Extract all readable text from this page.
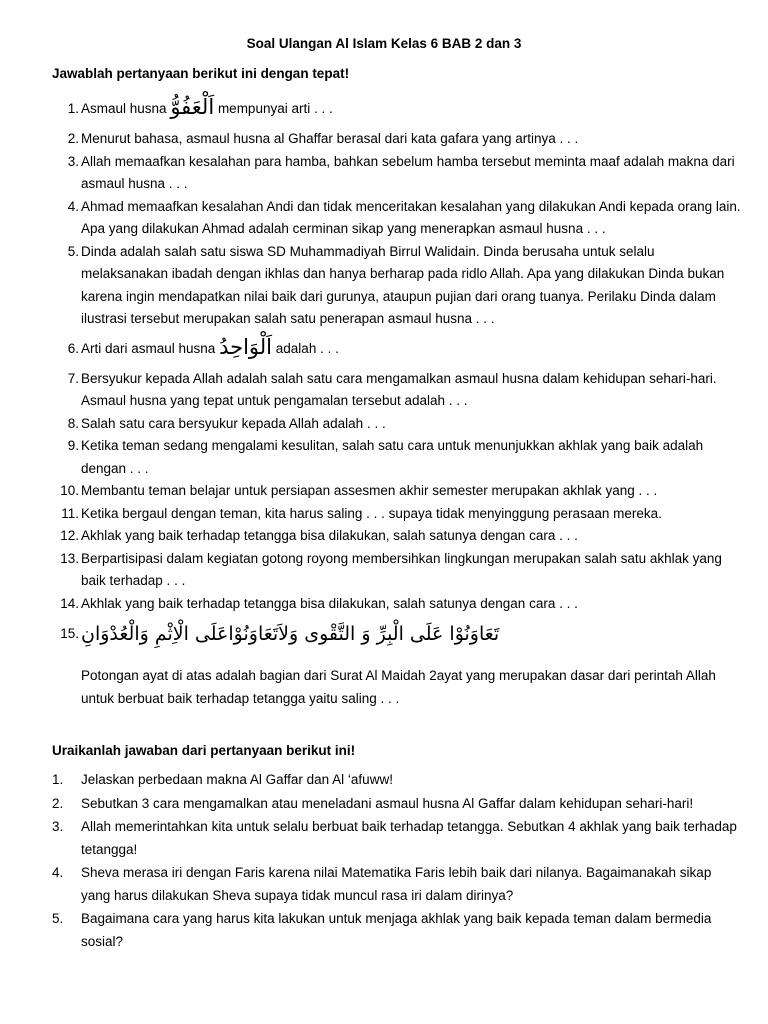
Soal Ulangan Al Islam Kelas 6 BAB 2 dan 3
Jawablah pertanyaan berikut ini dengan tepat!
1. Asmaul husna اَلْعَفُوُّ mempunyai arti . . .
2. Menurut bahasa, asmaul husna al Ghaffar berasal dari kata gafara yang artinya . . .
3. Allah memaafkan kesalahan para hamba, bahkan sebelum hamba tersebut meminta maaf adalah makna dari asmaul husna . . .
4. Ahmad memaafkan kesalahan Andi dan tidak menceritakan kesalahan yang dilakukan Andi kepada orang lain. Apa yang dilakukan Ahmad adalah cerminan sikap yang menerapkan asmaul husna . . .
5. Dinda adalah salah satu siswa SD Muhammadiyah Birrul Walidain. Dinda berusaha untuk selalu melaksanakan ibadah dengan ikhlas dan hanya berharap pada ridlo Allah. Apa yang dilakukan Dinda bukan karena ingin mendapatkan nilai baik dari gurunya, ataupun pujian dari orang tuanya. Perilaku Dinda dalam ilustrasi tersebut merupakan salah satu penerapan asmaul husna . . .
6. Arti dari asmaul husna اَلْوَاحِدُ adalah . . .
7. Bersyukur kepada Allah adalah salah satu cara mengamalkan asmaul husna dalam kehidupan sehari-hari. Asmaul husna yang tepat untuk pengamalan tersebut adalah . . .
8. Salah satu cara bersyukur kepada Allah adalah . . .
9. Ketika teman sedang mengalami kesulitan, salah satu cara untuk menunjukkan akhlak yang baik adalah dengan . . .
10. Membantu teman belajar untuk persiapan assesmen akhir semester merupakan akhlak yang . . .
11. Ketika bergaul dengan teman, kita harus saling . . . supaya tidak menyinggung perasaan mereka.
12. Akhlak yang baik terhadap tetangga bisa dilakukan, salah satunya dengan cara . . .
13. Berpartisipasi dalam kegiatan gotong royong membersihkan lingkungan merupakan salah satu akhlak yang baik terhadap . . .
14. Akhlak yang baik terhadap tetangga bisa dilakukan, salah satunya dengan cara . . .
15. تَعَاوَنُوْا عَلَى الْبِرِّ وَ التَّقْوى وَلاَتَعَاوَنُوْاعَلَى الْاِثْمِ وَالْعُدْوَانِ
Potongan ayat di atas adalah bagian dari Surat Al Maidah 2ayat yang merupakan dasar dari perintah Allah untuk berbuat baik terhadap tetangga yaitu saling . . .
Uraikanlah jawaban dari pertanyaan berikut ini!
1.	Jelaskan perbedaan makna Al Gaffar dan Al ‘afuww!
2.	Sebutkan 3 cara mengamalkan atau meneladani asmaul husna Al Gaffar dalam kehidupan sehari-hari!
3.	Allah memerintahkan kita untuk selalu berbuat baik terhadap tetangga. Sebutkan 4 akhlak yang baik terhadap tetangga!
4.	Sheva merasa iri dengan Faris karena nilai Matematika Faris lebih baik dari nilanya. Bagaimanakah sikap yang harus dilakukan Sheva supaya tidak muncul rasa iri dalam dirinya?
5.	Bagaimana cara yang harus kita lakukan untuk menjaga akhlak yang baik kepada teman dalam bermedia sosial?
